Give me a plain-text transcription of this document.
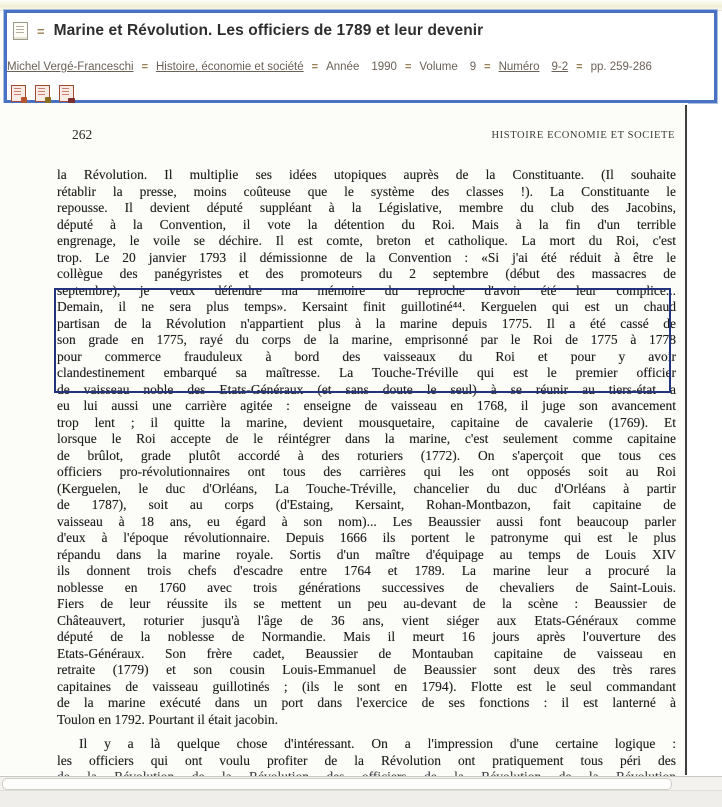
= Marine et Révolution. Les officiers de 1789 et leur devenir
Michel Vergé-Franceschi = Histoire, économie et société = Année 1990 = Volume 9 = Numéro 9-2 = pp. 259-286
262	HISTOIRE ECONOMIE ET SOCIETE
la Révolution. Il multiplie ses idées utopiques auprès de la Constituante. (Il souhaite
rétablir la presse, moins coûteuse que le système des classes !). La Constituante le
repousse. Il devient député suppléant à la Législative, membre du club des Jacobins,
député à la Convention, il vote la détention du Roi. Mais à la fin d'un terrible
engrenage, le voile se déchire. Il est comte, breton et catholique. La mort du Roi, c'est
trop. Le 20 janvier 1793 il démissionne de la Convention : «Si j'ai été réduit à être le
collègue des panégyristes et des promoteurs du 2 septembre (début des massacres de
septembre), je veux défendre ma mémoire du reproche d'avoir été leur complice...
Demain, il ne sera plus temps». Kersaint finit guillotiné⁴⁴. Kerguelen qui est un chaud
partisan de la Révolution n'appartient plus à la marine depuis 1775. Il a été cassé de
son grade en 1775, rayé du corps de la marine, emprisonné par le Roi de 1775 à 1778
pour commerce frauduleux à bord des vaisseaux du Roi et pour y avoir
clandestinement embarqué sa maîtresse. La Touche-Tréville qui est le premier officier
de vaisseau noble des Etats-Généraux (et sans doute le seul) à se réunir au tiers-état a
eu lui aussi une carrière agitée : enseigne de vaisseau en 1768, il juge son avancement
trop lent ; il quitte la marine, devient mousquetaire, capitaine de cavalerie (1769). Et
lorsque le Roi accepte de le réintégrer dans la marine, c'est seulement comme capitaine
de brûlot, grade plutôt accordé à des roturiers (1772). On s'aperçoit que tous ces
officiers pro-révolutionnaires ont tous des carrières qui les ont opposés soit au Roi
(Kerguelen, le duc d'Orléans, La Touche-Tréville, chancelier du duc d'Orléans à partir
de 1787), soit au corps (d'Estaing, Kersaint, Rohan-Montbazon, fait capitaine de
vaisseau à 18 ans, eu égard à son nom)... Les Beaussier aussi font beaucoup parler
d'eux à l'époque révolutionnaire. Depuis 1666 ils portent le patronyme qui est le plus
répandu dans la marine royale. Sortis d'un maître d'équipage au temps de Louis XIV
ils donnent trois chefs d'escadre entre 1764 et 1789. La marine leur a procuré la
noblesse en 1760 avec trois générations successives de chevaliers de Saint-Louis.
Fiers de leur réussite ils se mettent un peu au-devant de la scène : Beaussier de
Châteauvert, roturier jusqu'à l'âge de 36 ans, vient siéger aux Etats-Généraux comme
député de la noblesse de Normandie. Mais il meurt 16 jours après l'ouverture des
Etats-Généraux. Son frère cadet, Beaussier de Montauban capitaine de vaisseau en
retraite (1779) et son cousin Louis-Emmanuel de Beaussier sont deux des très rares
capitaines de vaisseau guillotinés ; (ils le sont en 1794). Flotte est le seul commandant
de la marine exécuté dans un port dans l'exercice de ses fonctions : il est lanterné à
Toulon en 1792. Pourtant il était jacobin.
Il y a là quelque chose d'intéressant. On a l'impression d'une certaine logique :
les officiers qui ont voulu profiter de la Révolution ont pratiquement tous péri des
